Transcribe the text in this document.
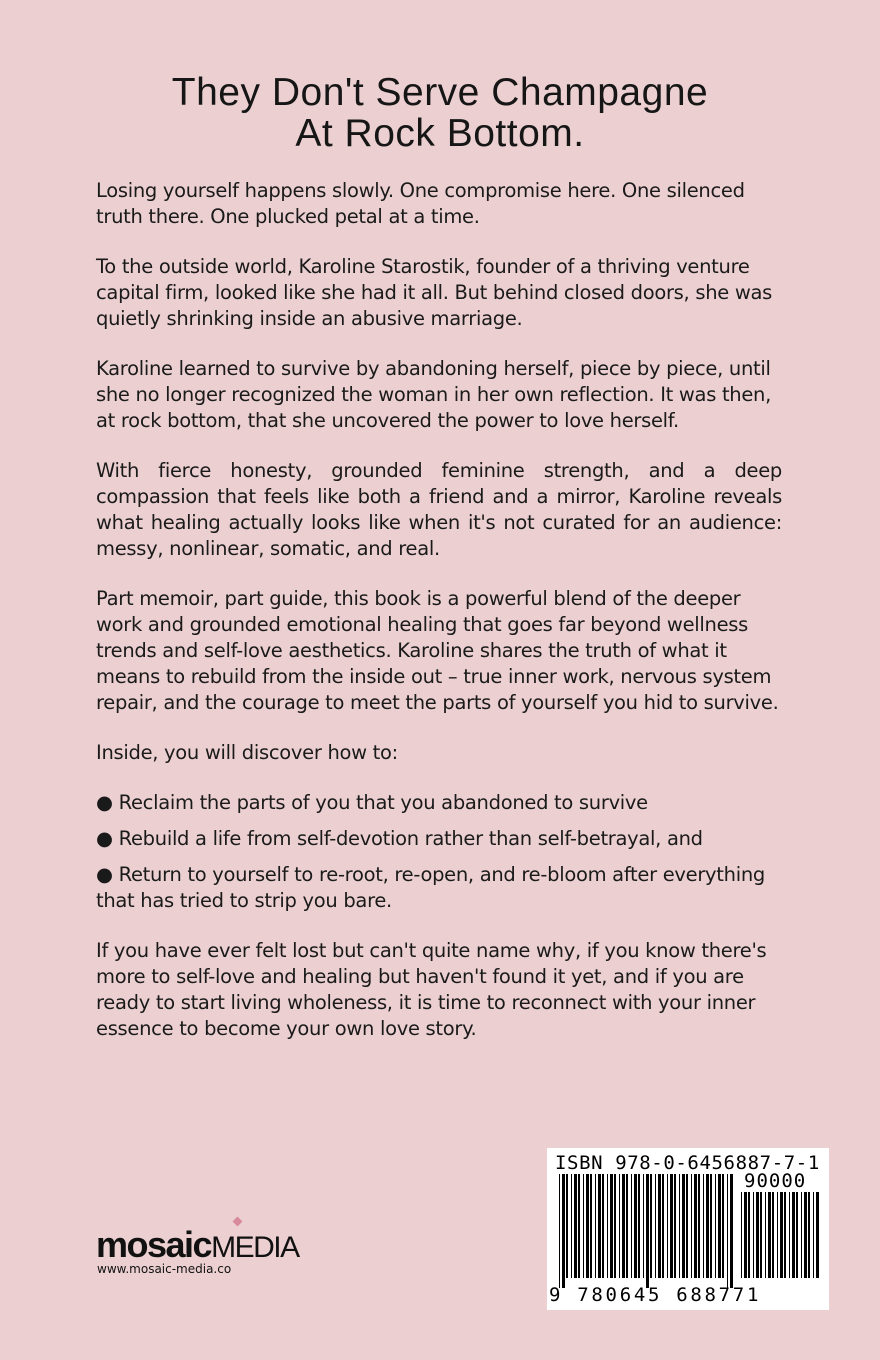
They Don't Serve Champagne
At Rock Bottom.

Losing yourself happens slowly. One compromise here. One silenced truth there. One plucked petal at a time.

To the outside world, Karoline Starostik, founder of a thriving venture capital firm, looked like she had it all. But behind closed doors, she was quietly shrinking inside an abusive marriage.

Karoline learned to survive by abandoning herself, piece by piece, until she no longer recognized the woman in her own reflection. It was then, at rock bottom, that she uncovered the power to love herself.

With fierce honesty, grounded feminine strength, and a deep compassion that feels like both a friend and a mirror, Karoline reveals what healing actually looks like when it's not curated for an audience: messy, nonlinear, somatic, and real.

Part memoir, part guide, this book is a powerful blend of the deeper work and grounded emotional healing that goes far beyond wellness trends and self-love aesthetics. Karoline shares the truth of what it means to rebuild from the inside out – true inner work, nervous system repair, and the courage to meet the parts of yourself you hid to survive.

Inside, you will discover how to:

● Reclaim the parts of you that you abandoned to survive

● Rebuild a life from self-devotion rather than self-betrayal, and

● Return to yourself to re-root, re-open, and re-bloom after everything that has tried to strip you bare.

If you have ever felt lost but can't quite name why, if you know there's more to self-love and healing but haven't found it yet, and if you are ready to start living wholeness, it is time to reconnect with your inner essence to become your own love story.

mosaicMEDIA
www.mosaic-media.co
ISBN 978-0-6456887-7-1
90000
9 780645 688771
